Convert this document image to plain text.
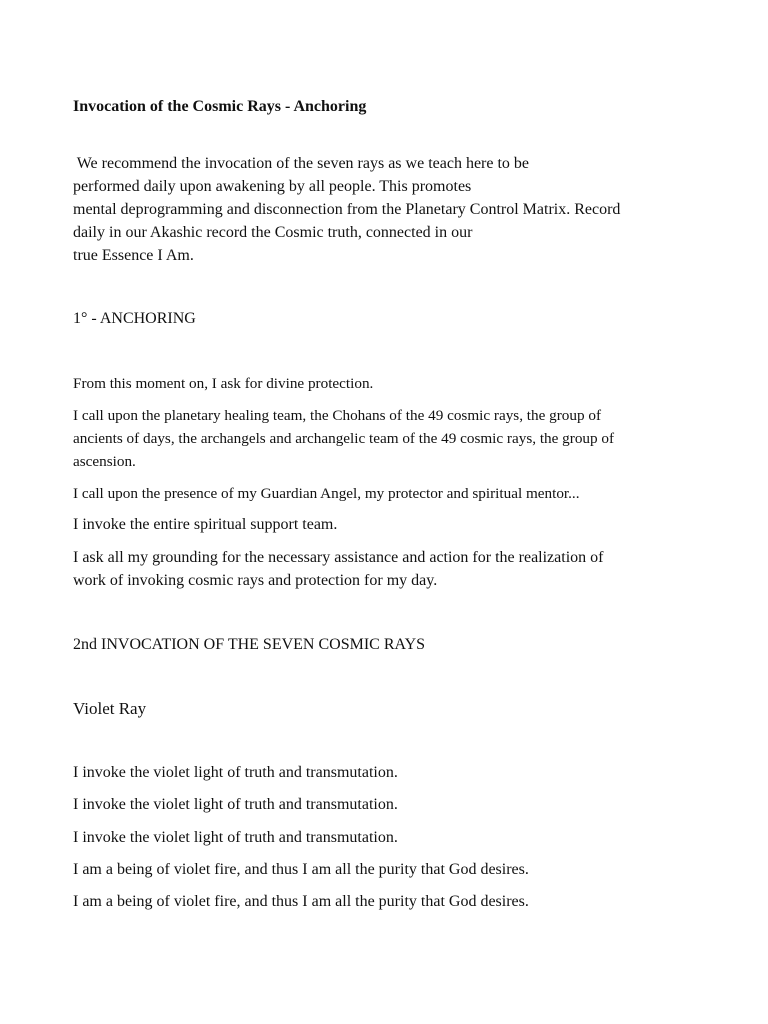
Invocation of the Cosmic Rays - Anchoring

We recommend the invocation of the seven rays as we teach here to be
performed daily upon awakening by all people. This promotes
mental deprogramming and disconnection from the Planetary Control Matrix. Record
daily in our Akashic record the Cosmic truth, connected in our
true Essence I Am.

1° - ANCHORING

From this moment on, I ask for divine protection.

I call upon the planetary healing team, the Chohans of the 49 cosmic rays, the group of
ancients of days, the archangels and archangelic team of the 49 cosmic rays, the group of
ascension.

I call upon the presence of my Guardian Angel, my protector and spiritual mentor...

I invoke the entire spiritual support team.

I ask all my grounding for the necessary assistance and action for the realization of
work of invoking cosmic rays and protection for my day.

2nd INVOCATION OF THE SEVEN COSMIC RAYS

Violet Ray

I invoke the violet light of truth and transmutation.

I invoke the violet light of truth and transmutation.

I invoke the violet light of truth and transmutation.

I am a being of violet fire, and thus I am all the purity that God desires.

I am a being of violet fire, and thus I am all the purity that God desires.
